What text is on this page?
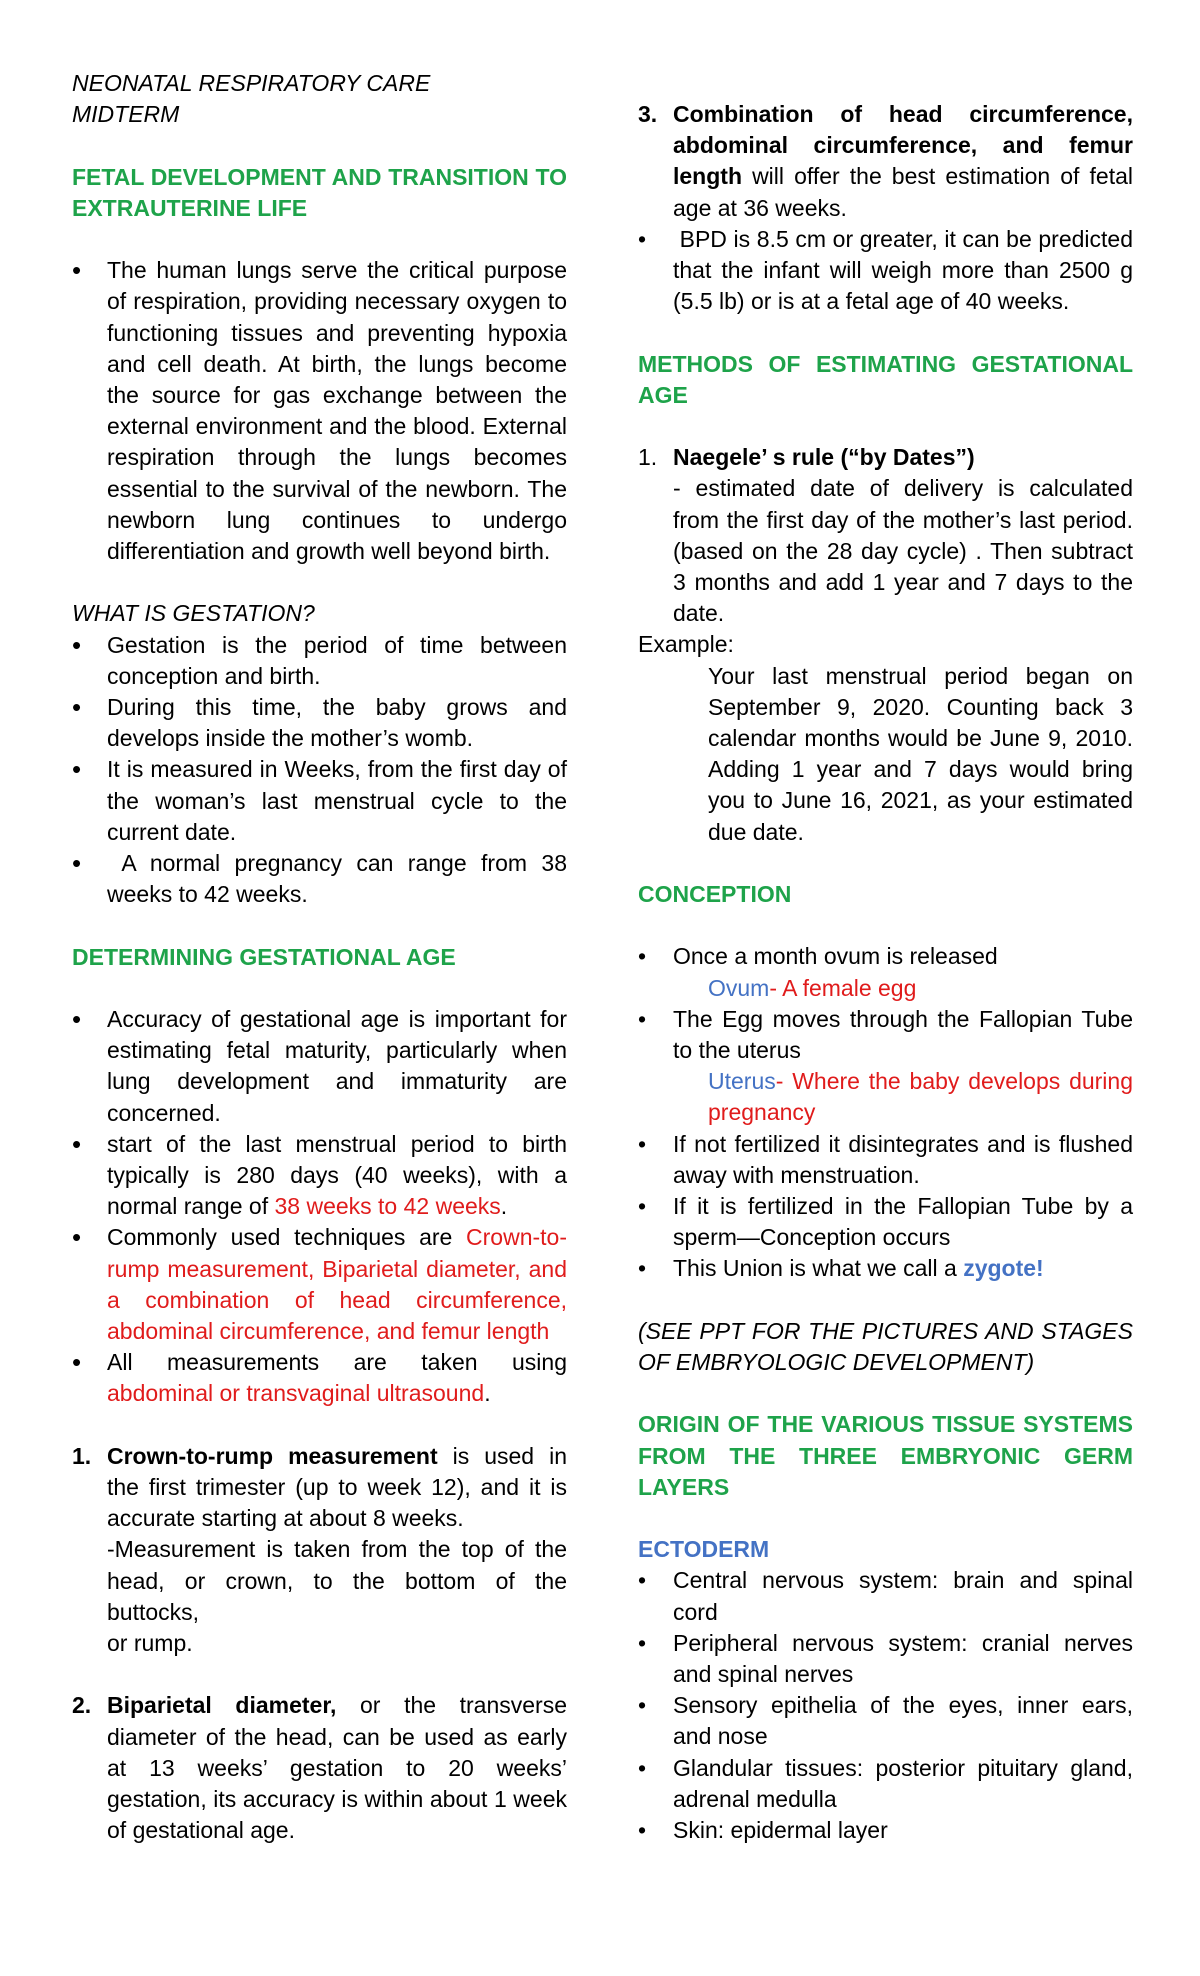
NEONATAL RESPIRATORY CARE

MIDTERM

FETAL DEVELOPMENT AND TRANSITION TO EXTRAUTERINE LIFE

• The human lungs serve the critical purpose of respiration, providing necessary oxygen to functioning tissues and preventing hypoxia and cell death. At birth, the lungs become the source for gas exchange between the external environment and the blood. External respiration through the lungs becomes essential to the survival of the newborn. The newborn lung continues to undergo differentiation and growth well beyond birth.

WHAT IS GESTATION?

• Gestation is the period of time between conception and birth.
• During this time, the baby grows and develops inside the mother’s womb.
• It is measured in Weeks, from the first day of the woman’s last menstrual cycle to the current date.
• A normal pregnancy can range from 38 weeks to 42 weeks.

DETERMINING GESTATIONAL AGE

• Accuracy of gestational age is important for estimating fetal maturity, particularly when lung development and immaturity are concerned.
• start of the last menstrual period to birth typically is 280 days (40 weeks), with a normal range of 38 weeks to 42 weeks.
• Commonly used techniques are Crown-to-rump measurement, Biparietal diameter, and a combination of head circumference, abdominal circumference, and femur length
• All measurements are taken using abdominal or transvaginal ultrasound.
1. Crown-to-rump measurement is used in the first trimester (up to week 12), and it is accurate starting at about 8 weeks.
-Measurement is taken from the top of the head, or crown, to the bottom of the buttocks,
or rump.
2. Biparietal diameter, or the transverse diameter of the head, can be used as early at 13 weeks’ gestation to 20 weeks’ gestation, its accuracy is within about 1 week of gestational age.
3. Combination of head circumference, abdominal circumference, and femur length will offer the best estimation of fetal age at 36 weeks.
• BPD is 8.5 cm or greater, it can be predicted that the infant will weigh more than 2500 g (5.5 lb) or is at a fetal age of 40 weeks.

METHODS OF ESTIMATING GESTATIONAL AGE

1. Naegele’ s rule (“by Dates”)
- estimated date of delivery is calculated from the first day of the mother’s last period. (based on the 28 day cycle) . Then subtract 3 months and add 1 year and 7 days to the date.

Example:

Your last menstrual period began on September 9, 2020. Counting back 3 calendar months would be June 9, 2010. Adding 1 year and 7 days would bring you to June 16, 2021, as your estimated due date.

CONCEPTION

• Once a month ovum is released

Ovum- A female egg

• The Egg moves through the Fallopian Tube to the uterus

Uterus- Where the baby develops during pregnancy

• If not fertilized it disintegrates and is flushed away with menstruation.
• If it is fertilized in the Fallopian Tube by a sperm—Conception occurs
• This Union is what we call a zygote!

(SEE PPT FOR THE PICTURES AND STAGES OF EMBRYOLOGIC DEVELOPMENT)

ORIGIN OF THE VARIOUS TISSUE SYSTEMS FROM THE THREE EMBRYONIC GERM LAYERS

ECTODERM

• Central nervous system: brain and spinal cord
• Peripheral nervous system: cranial nerves and spinal nerves
• Sensory epithelia of the eyes, inner ears, and nose
• Glandular tissues: posterior pituitary gland, adrenal medulla
• Skin: epidermal layer
